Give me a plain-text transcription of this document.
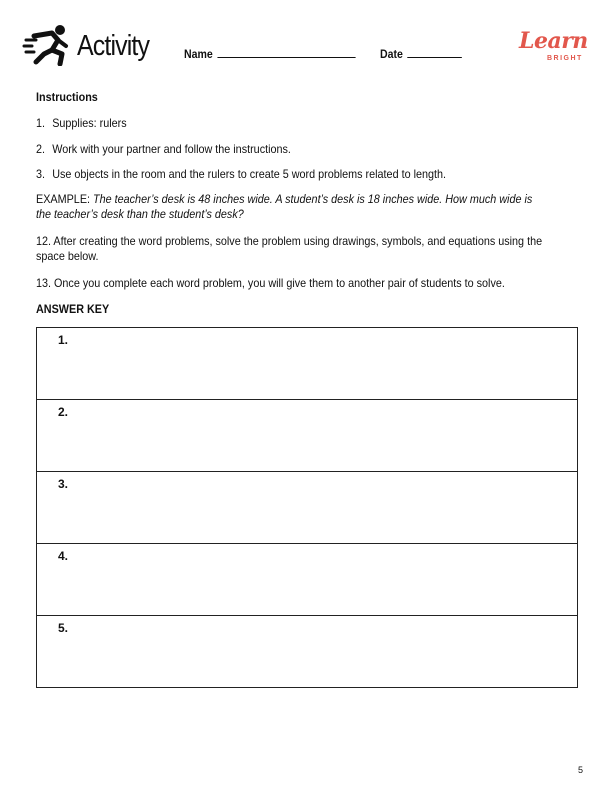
Activity	Name	Date	Learn
BRIGHT

Instructions

1. Supplies: rulers

2. Work with your partner and follow the instructions.

3. Use objects in the room and the rulers to create 5 word problems related to length.

EXAMPLE: The teacher’s desk is 48 inches wide. A student’s desk is 18 inches wide. How much wide is
the teacher’s desk than the student’s desk?
12. After creating the word problems, solve the problem using drawings, symbols, and equations using the
space below.
13. Once you complete each word problem, you will give them to another pair of students to solve.
ANSWER KEY
1.
2.
3.
4.
5.
5
